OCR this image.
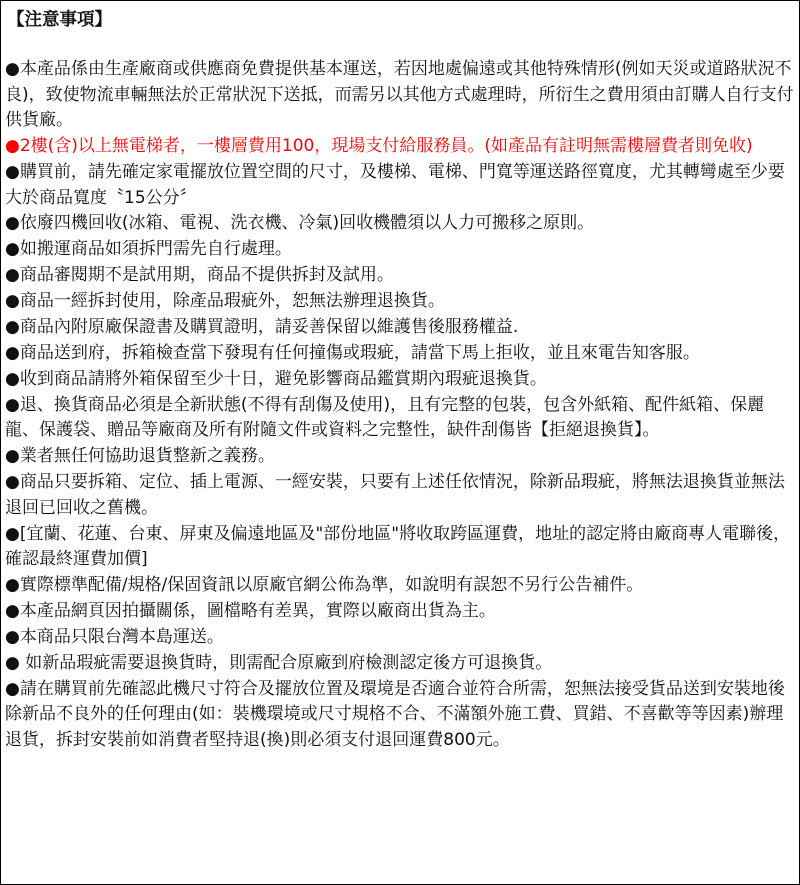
【注意事項】
●本產品係由生產廠商或供應商免費提供基本運送，若因地處偏遠或其他特殊情形(例如天災或道路狀況不良)，致使物流車輛無法於正常狀況下送抵，而需另以其他方式處理時，所衍生之費用須由訂購人自行支付供貨廠。
●2樓(含)以上無電梯者，一樓層費用100，現場支付給服務員。(如產品有註明無需樓層費者則免收)
●購買前，請先確定家電擺放位置空間的尺寸，及樓梯、電梯、門寬等運送路徑寬度，尤其轉彎處至少要大於商品寬度〝15公分〞
●依廢四機回收(冰箱、電視、洗衣機、冷氣)回收機體須以人力可搬移之原則。
●如搬運商品如須拆門需先自行處理。
●商品審閱期不是試用期，商品不提供拆封及試用。
●商品一經拆封使用，除產品瑕疵外，恕無法辦理退換貨。
●商品內附原廠保證書及購買證明，請妥善保留以維護售後服務權益.
●商品送到府，拆箱檢查當下發現有任何撞傷或瑕疵，請當下馬上拒收，並且來電告知客服。
●收到商品請將外箱保留至少十日，避免影響商品鑑賞期內瑕疵退換貨。
●退、換貨商品必須是全新狀態(不得有刮傷及使用)，且有完整的包裝，包含外紙箱、配件紙箱、保麗龍、保護袋、贈品等廠商及所有附隨文件或資料之完整性，缺件刮傷皆【拒絕退換貨】。
●業者無任何協助退貨整新之義務。
●商品只要拆箱、定位、插上電源、一經安裝，只要有上述任依情況，除新品瑕疵，將無法退換貨並無法退回已回收之舊機。
●[宜蘭、花蓮、台東、屏東及偏遠地區及"部份地區"將收取跨區運費，地址的認定將由廠商專人電聯後，確認最終運費加價]
●實際標準配備/規格/保固資訊以原廠官網公佈為準，如說明有誤恕不另行公告補件。
●本產品網頁因拍攝關係，圖檔略有差異，實際以廠商出貨為主。
●本商品只限台灣本島運送。
● 如新品瑕疵需要退換貨時，則需配合原廠到府檢測認定後方可退換貨。
●請在購買前先確認此機尺寸符合及擺放位置及環境是否適合並符合所需，恕無法接受貨品送到安裝地後除新品不良外的任何理由(如：裝機環境或尺寸規格不合、不滿額外施工費、買錯、不喜歡等等因素)辦理退貨，拆封安裝前如消費者堅持退(換)則必須支付退回運費800元。
